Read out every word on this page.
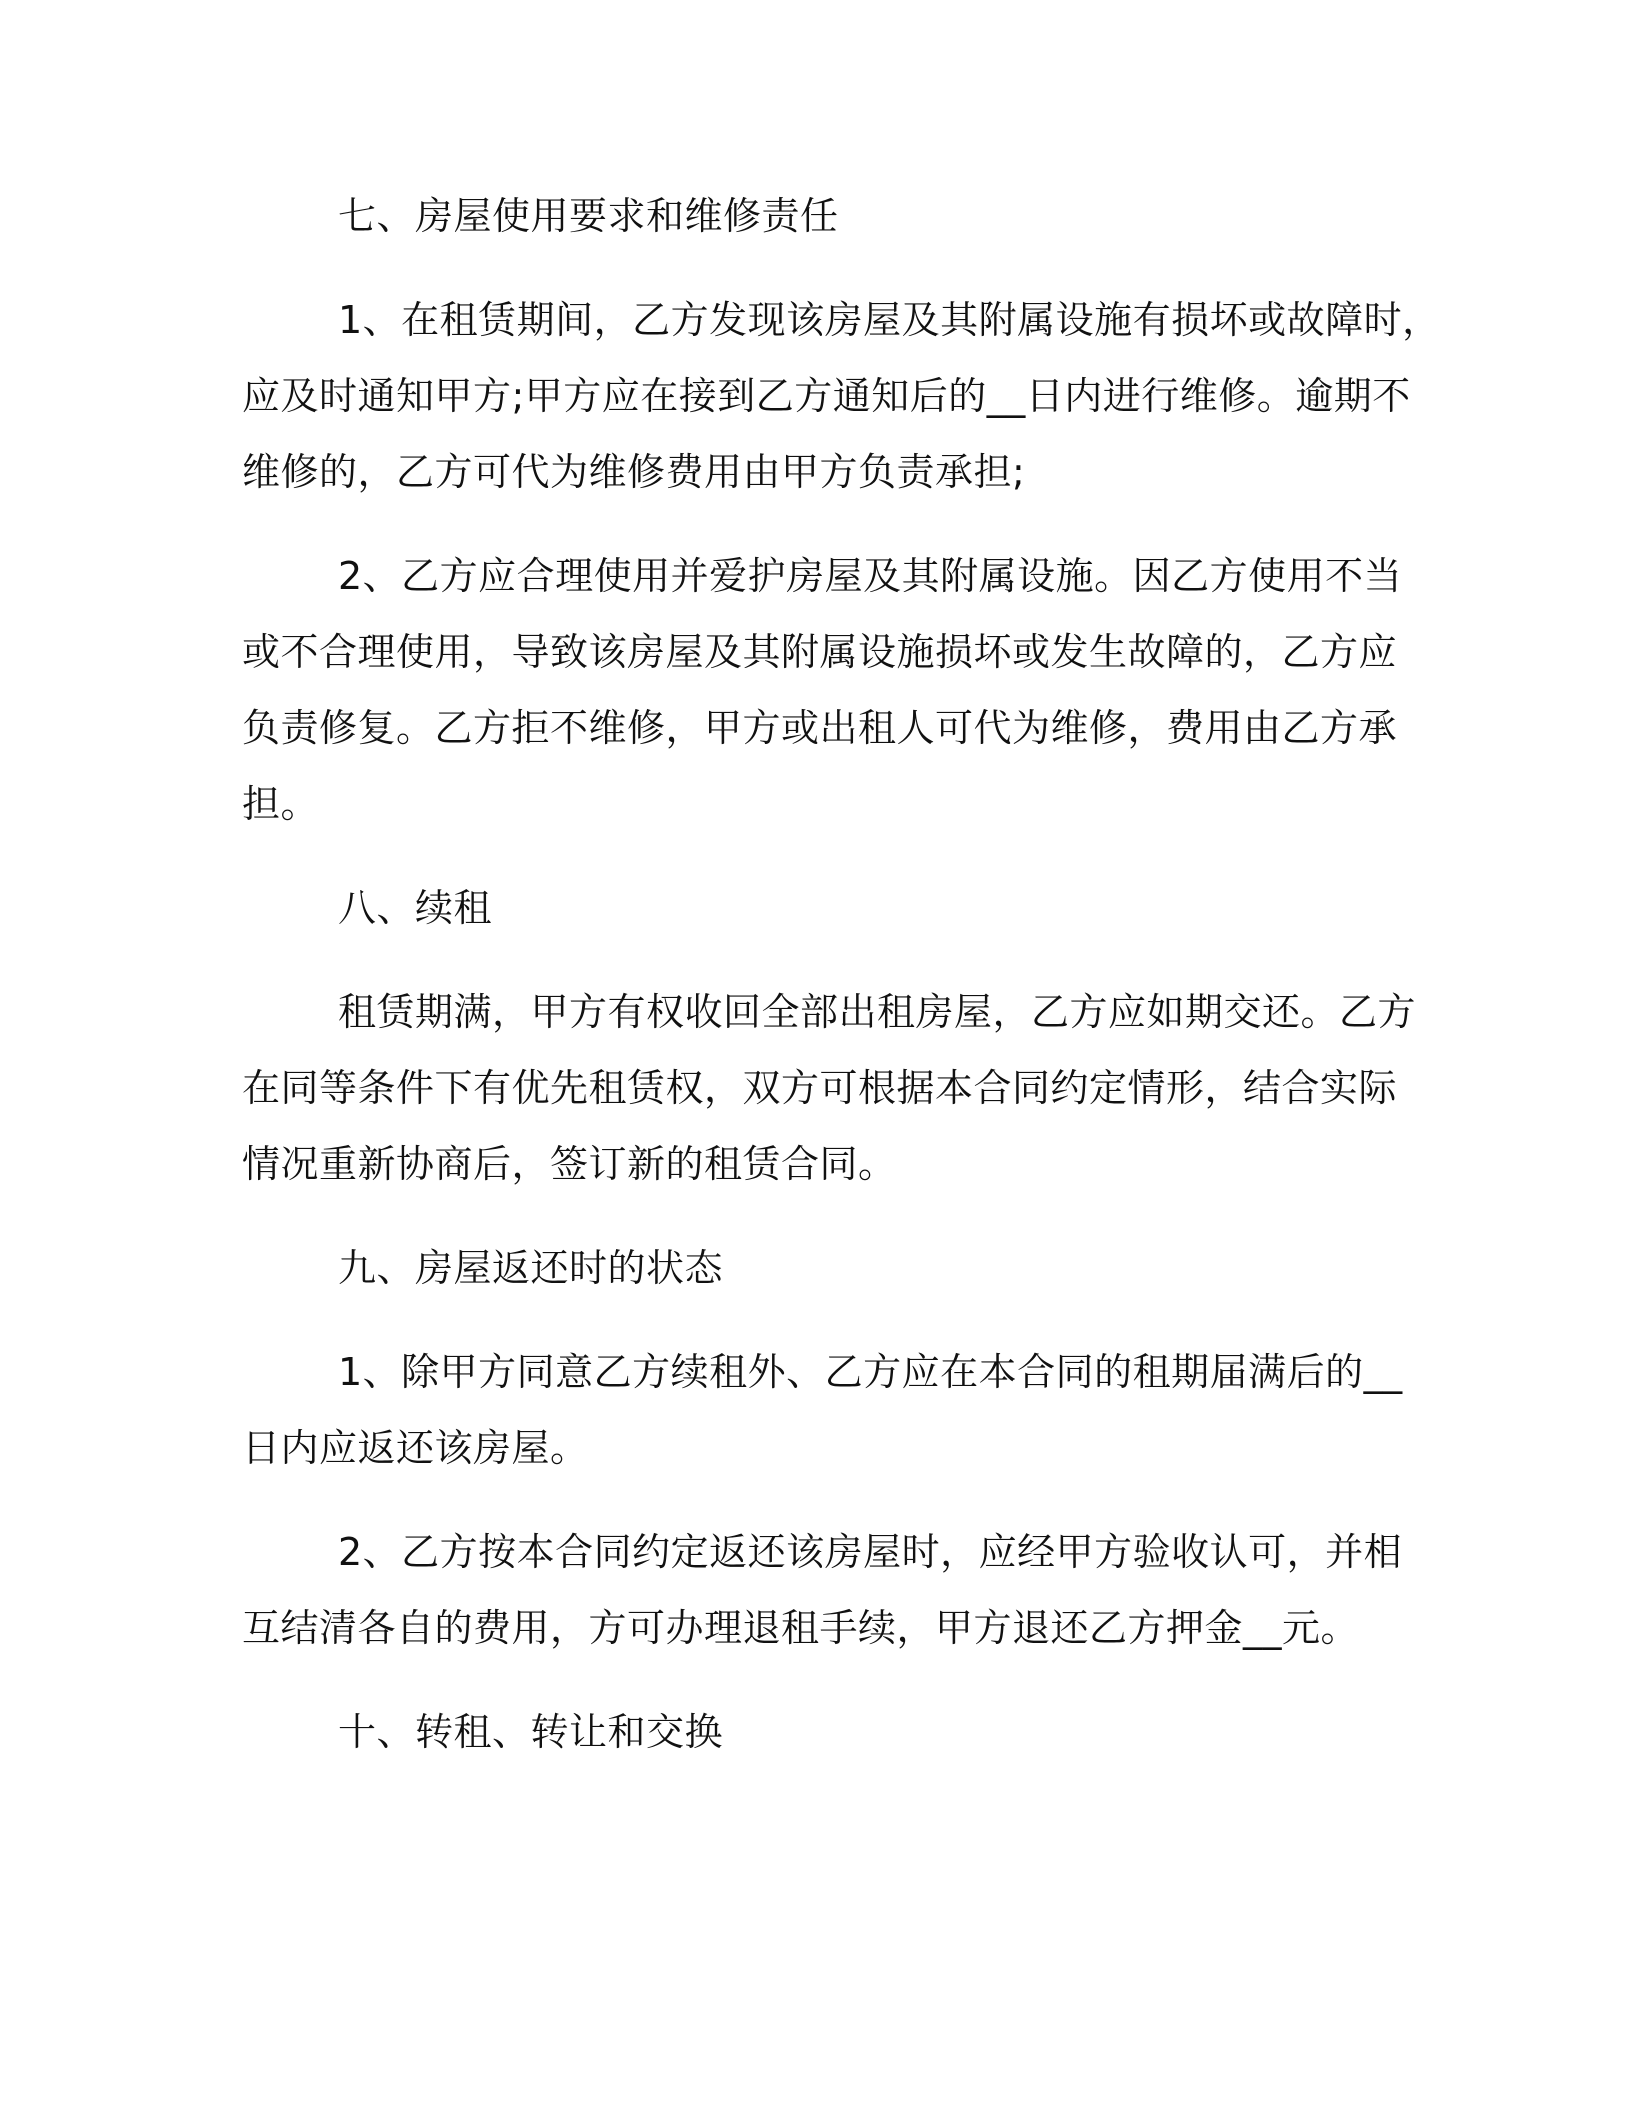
七、房屋使用要求和维修责任
1、在租赁期间，乙方发现该房屋及其附属设施有损坏或故障时，
应及时通知甲方;甲方应在接到乙方通知后的__日内进行维修。逾期不
维修的，乙方可代为维修费用由甲方负责承担;
2、乙方应合理使用并爱护房屋及其附属设施。因乙方使用不当
或不合理使用，导致该房屋及其附属设施损坏或发生故障的，乙方应
负责修复。乙方拒不维修，甲方或出租人可代为维修，费用由乙方承
担。
八、续租
租赁期满，甲方有权收回全部出租房屋，乙方应如期交还。乙方
在同等条件下有优先租赁权，双方可根据本合同约定情形，结合实际
情况重新协商后，签订新的租赁合同。
九、房屋返还时的状态
1、除甲方同意乙方续租外、乙方应在本合同的租期届满后的__
日内应返还该房屋。
2、乙方按本合同约定返还该房屋时，应经甲方验收认可，并相
互结清各自的费用，方可办理退租手续，甲方退还乙方押金__元。
十、转租、转让和交换
